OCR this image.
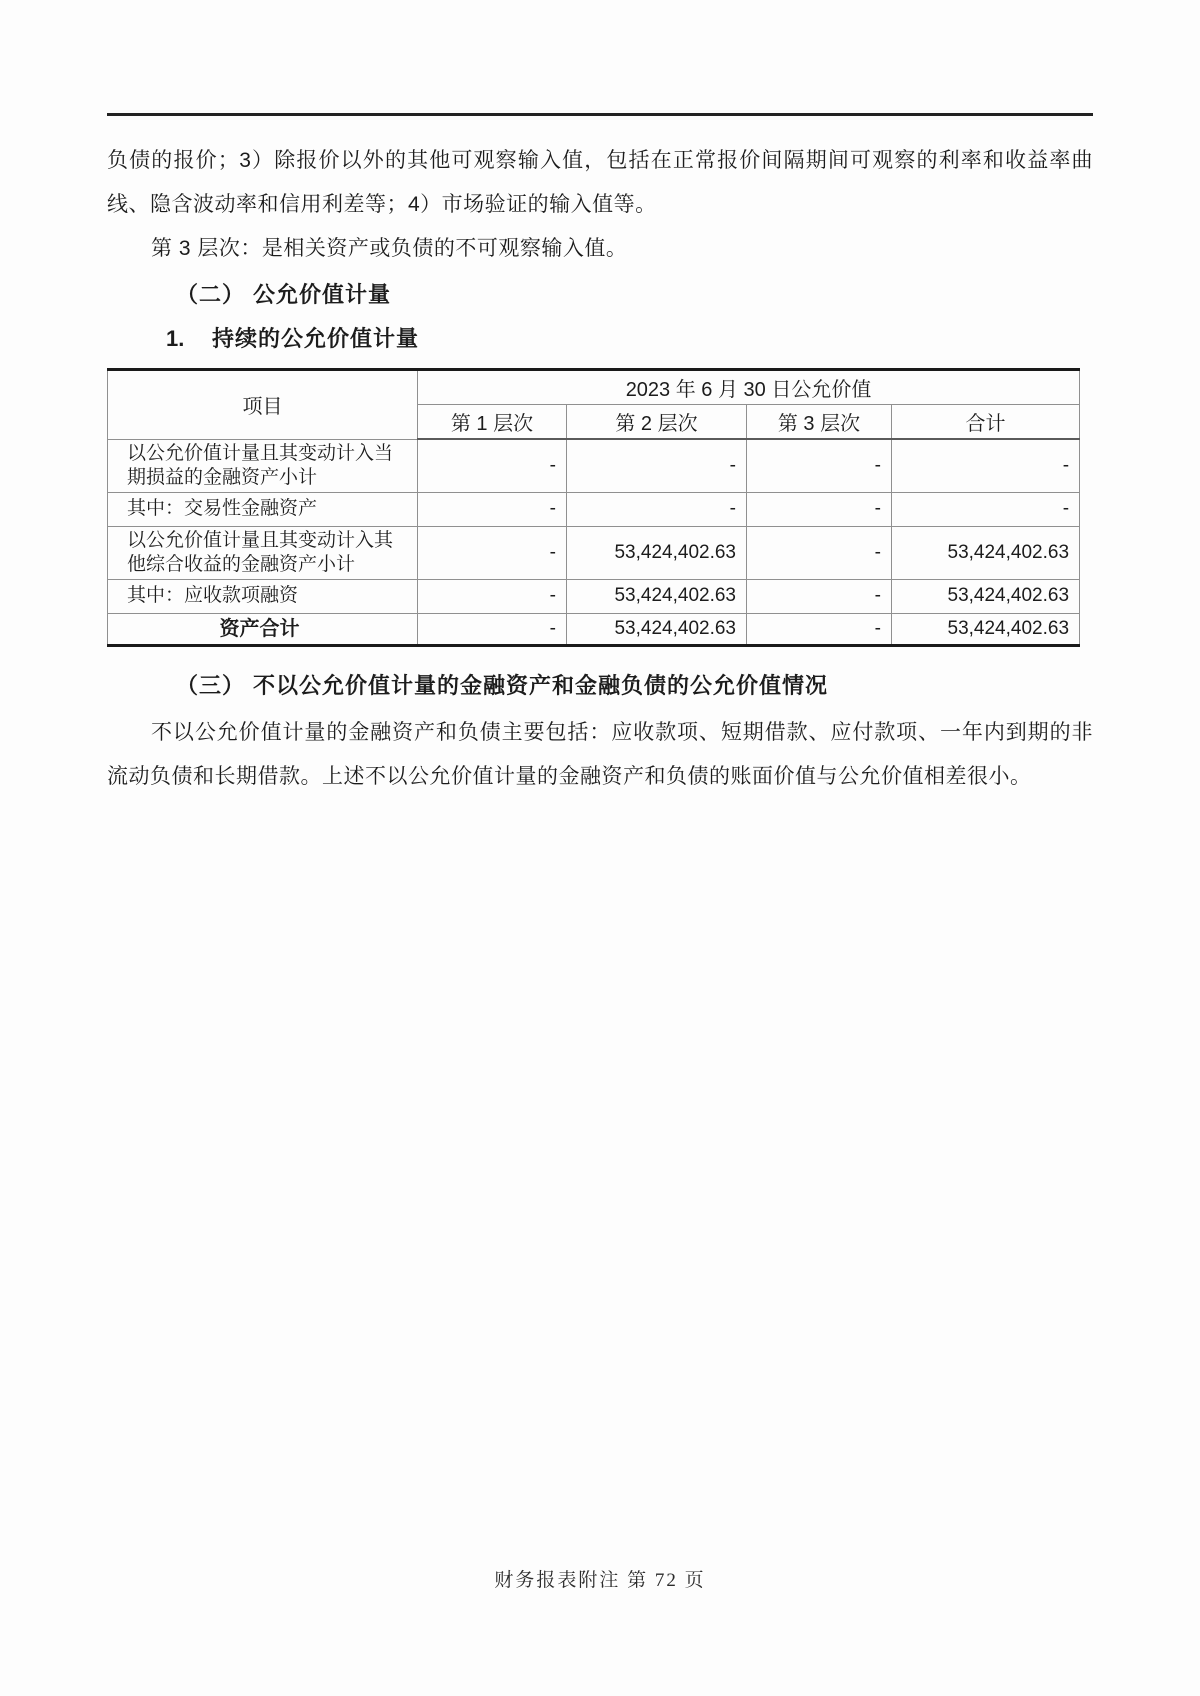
负债的报价；3）除报价以外的其他可观察输入值，包括在正常报价间隔期间可观察的利率和收益率曲线、隐含波动率和信用利差等；4）市场验证的输入值等。

第 3 层次：是相关资产或负债的不可观察输入值。

（二） 公允价值计量
1. 持续的公允价值计量
项目	2023 年 6 月 30 日公允价值			
	第 1 层次	第 2 层次	第 3 层次	合计
以公允价值计量且其变动计入当期损益的金融资产小计	-	-	-	-
其中：交易性金融资产	-	-	-	-
以公允价值计量且其变动计入其他综合收益的金融资产小计	-	53,424,402.63	-	53,424,402.63
其中：应收款项融资	-	53,424,402.63	-	53,424,402.63
资产合计	-	53,424,402.63	-	53,424,402.63
（三） 不以公允价值计量的金融资产和金融负债的公允价值情况

不以公允价值计量的金融资产和负债主要包括：应收款项、短期借款、应付款项、一年内到期的非流动负债和长期借款。上述不以公允价值计量的金融资产和负债的账面价值与公允价值相差很小。

财务报表附注 第 72 页
